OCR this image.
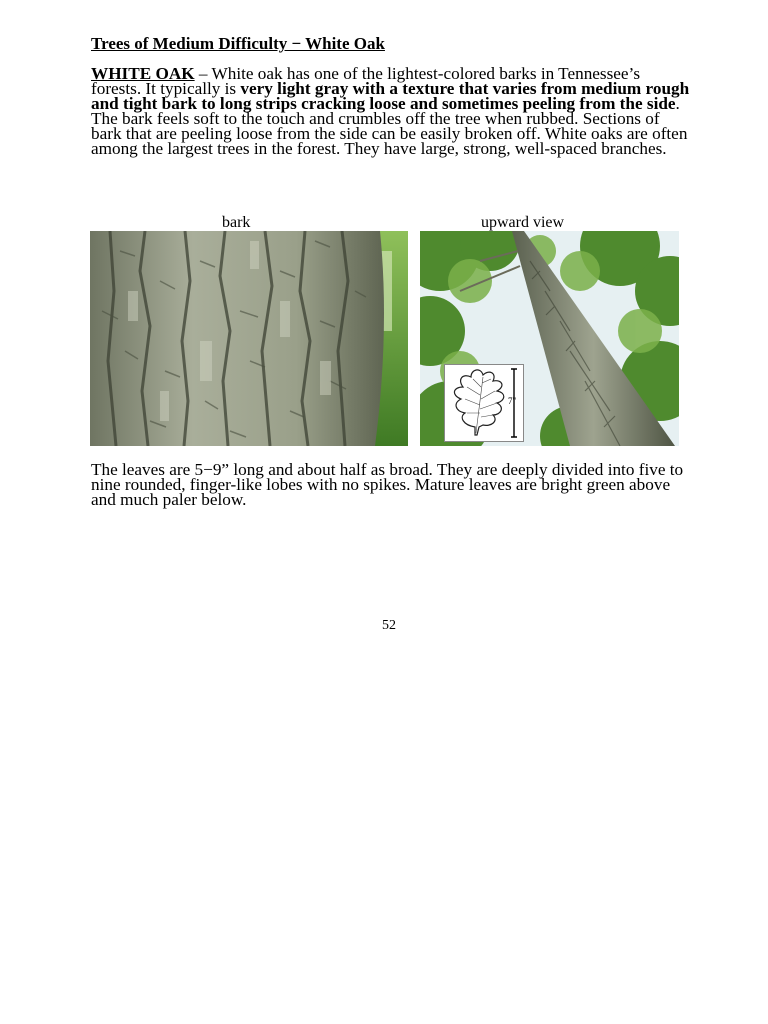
Trees of Medium Difficulty − White Oak

WHITE OAK – White oak has one of the lightest-colored barks in Tennessee’s forests. It typically is very light gray with a texture that varies from medium rough and tight bark to long strips cracking loose and sometimes peeling from the side. The bark feels soft to the touch and crumbles off the tree when rubbed. Sections of bark that are peeling loose from the side can be easily broken off. White oaks are often among the largest trees in the forest. They have large, strong, well-spaced branches.

bark	upward view
7"

The leaves are 5−9” long and about half as broad. They are deeply divided into five to nine rounded, finger-like lobes with no spikes. Mature leaves are bright green above and much paler below.

52
